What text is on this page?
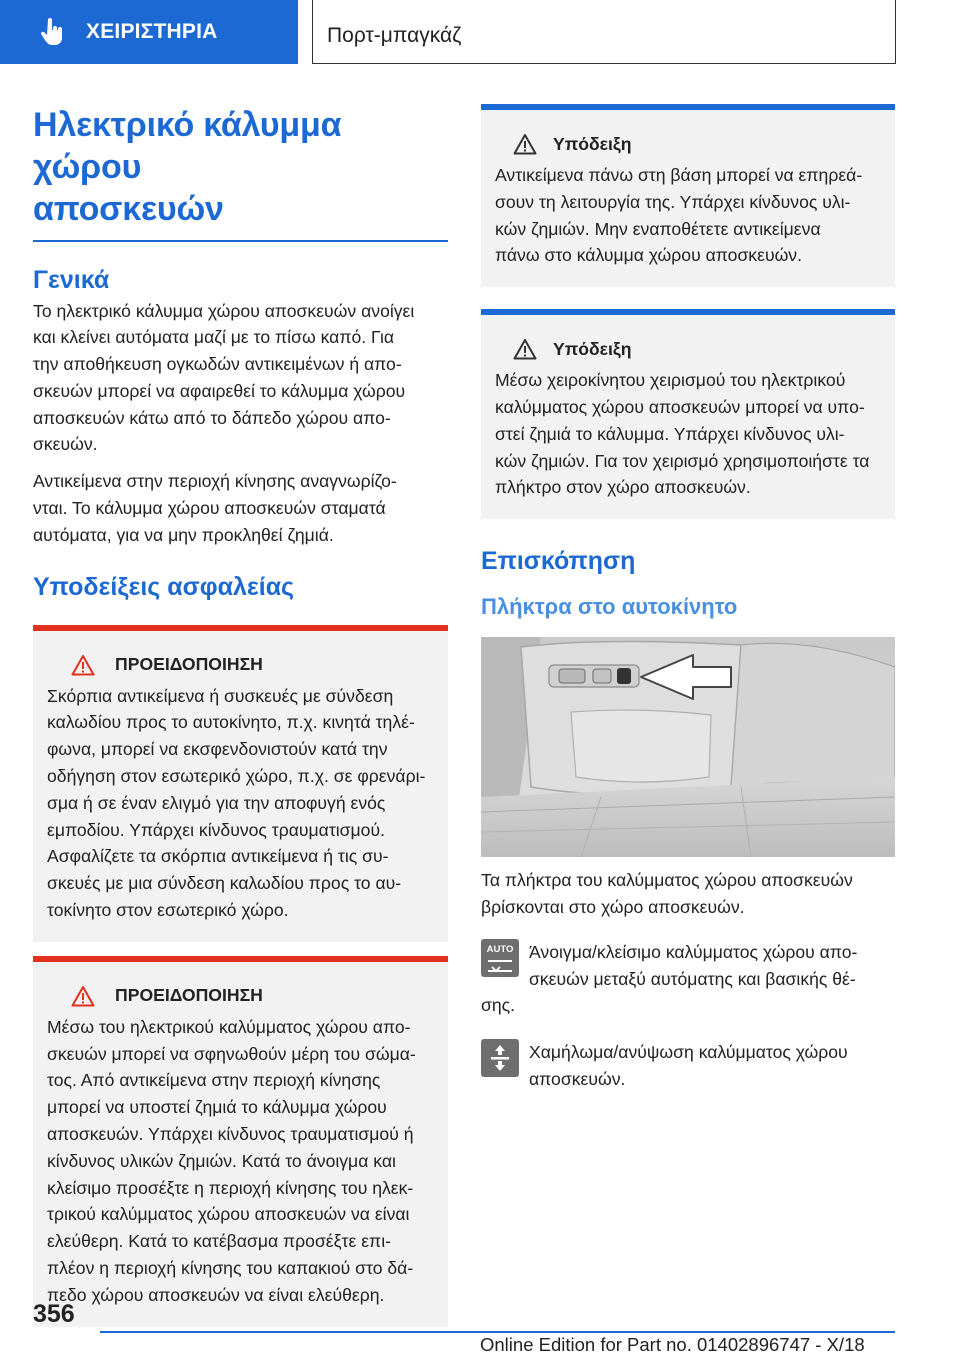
ΧΕΙΡΙΣΤΗΡΙΑ	Πορτ-μπαγκάζ
Ηλεκτρικό κάλυμμα χώρου
αποσκευών
Γενικά
Το ηλεκτρικό κάλυμμα χώρου αποσκευών ανοίγει
και κλείνει αυτόματα μαζί με το πίσω καπό. Για
την αποθήκευση ογκωδών αντικειμένων ή απο-
σκευών μπορεί να αφαιρεθεί το κάλυμμα χώρου
αποσκευών κάτω από το δάπεδο χώρου απο-
σκευών.
Αντικείμενα στην περιοχή κίνησης αναγνωρίζο-
νται. Το κάλυμμα χώρου αποσκευών σταματά
αυτόματα, για να μην προκληθεί ζημιά.
Υποδείξεις ασφαλείας
ΠΡΟΕΙΔΟΠΟΙΗΣΗ
Σκόρπια αντικείμενα ή συσκευές με σύνδεση
καλωδίου προς το αυτοκίνητο, π.χ. κινητά τηλέ-
φωνα, μπορεί να εκσφενδονιστούν κατά την
οδήγηση στον εσωτερικό χώρο, π.χ. σε φρενάρι-
σμα ή σε έναν ελιγμό για την αποφυγή ενός
εμποδίου. Υπάρχει κίνδυνος τραυματισμού.
Ασφαλίζετε τα σκόρπια αντικείμενα ή τις συ-
σκευές με μια σύνδεση καλωδίου προς το αυ-
τοκίνητο στον εσωτερικό χώρο.
ΠΡΟΕΙΔΟΠΟΙΗΣΗ
Μέσω του ηλεκτρικού καλύμματος χώρου απο-
σκευών μπορεί να σφηνωθούν μέρη του σώμα-
τος. Από αντικείμενα στην περιοχή κίνησης
μπορεί να υποστεί ζημιά το κάλυμμα χώρου
αποσκευών. Υπάρχει κίνδυνος τραυματισμού ή
κίνδυνος υλικών ζημιών. Κατά το άνοιγμα και
κλείσιμο προσέξτε η περιοχή κίνησης του ηλεκ-
τρικού καλύμματος χώρου αποσκευών να είναι
ελεύθερη. Κατά το κατέβασμα προσέξτε επι-
πλέον η περιοχή κίνησης του καπακιού στο δά-
πεδο χώρου αποσκευών να είναι ελεύθερη.
Υπόδειξη
Αντικείμενα πάνω στη βάση μπορεί να επηρεά-
σουν τη λειτουργία της. Υπάρχει κίνδυνος υλι-
κών ζημιών. Μην εναποθέτετε αντικείμενα
πάνω στο κάλυμμα χώρου αποσκευών.
Υπόδειξη
Μέσω χειροκίνητου χειρισμού του ηλεκτρικού
καλύμματος χώρου αποσκευών μπορεί να υπο-
στεί ζημιά το κάλυμμα. Υπάρχει κίνδυνος υλι-
κών ζημιών. Για τον χειρισμό χρησιμοποιήστε τα
πλήκτρο στον χώρο αποσκευών.
Επισκόπηση
Πλήκτρα στο αυτοκίνητο
Τα πλήκτρα του καλύμματος χώρου αποσκευών
βρίσκονται στο χώρο αποσκευών.
AUTO Άνοιγμα/κλείσιμο καλύμματος χώρου απο-
σκευών μεταξύ αυτόματης και βασικής θέ-
σης.
Χαμήλωμα/ανύψωση καλύμματος χώρου
αποσκευών.
356
Online Edition for Part no. 01402896747 - X/18
